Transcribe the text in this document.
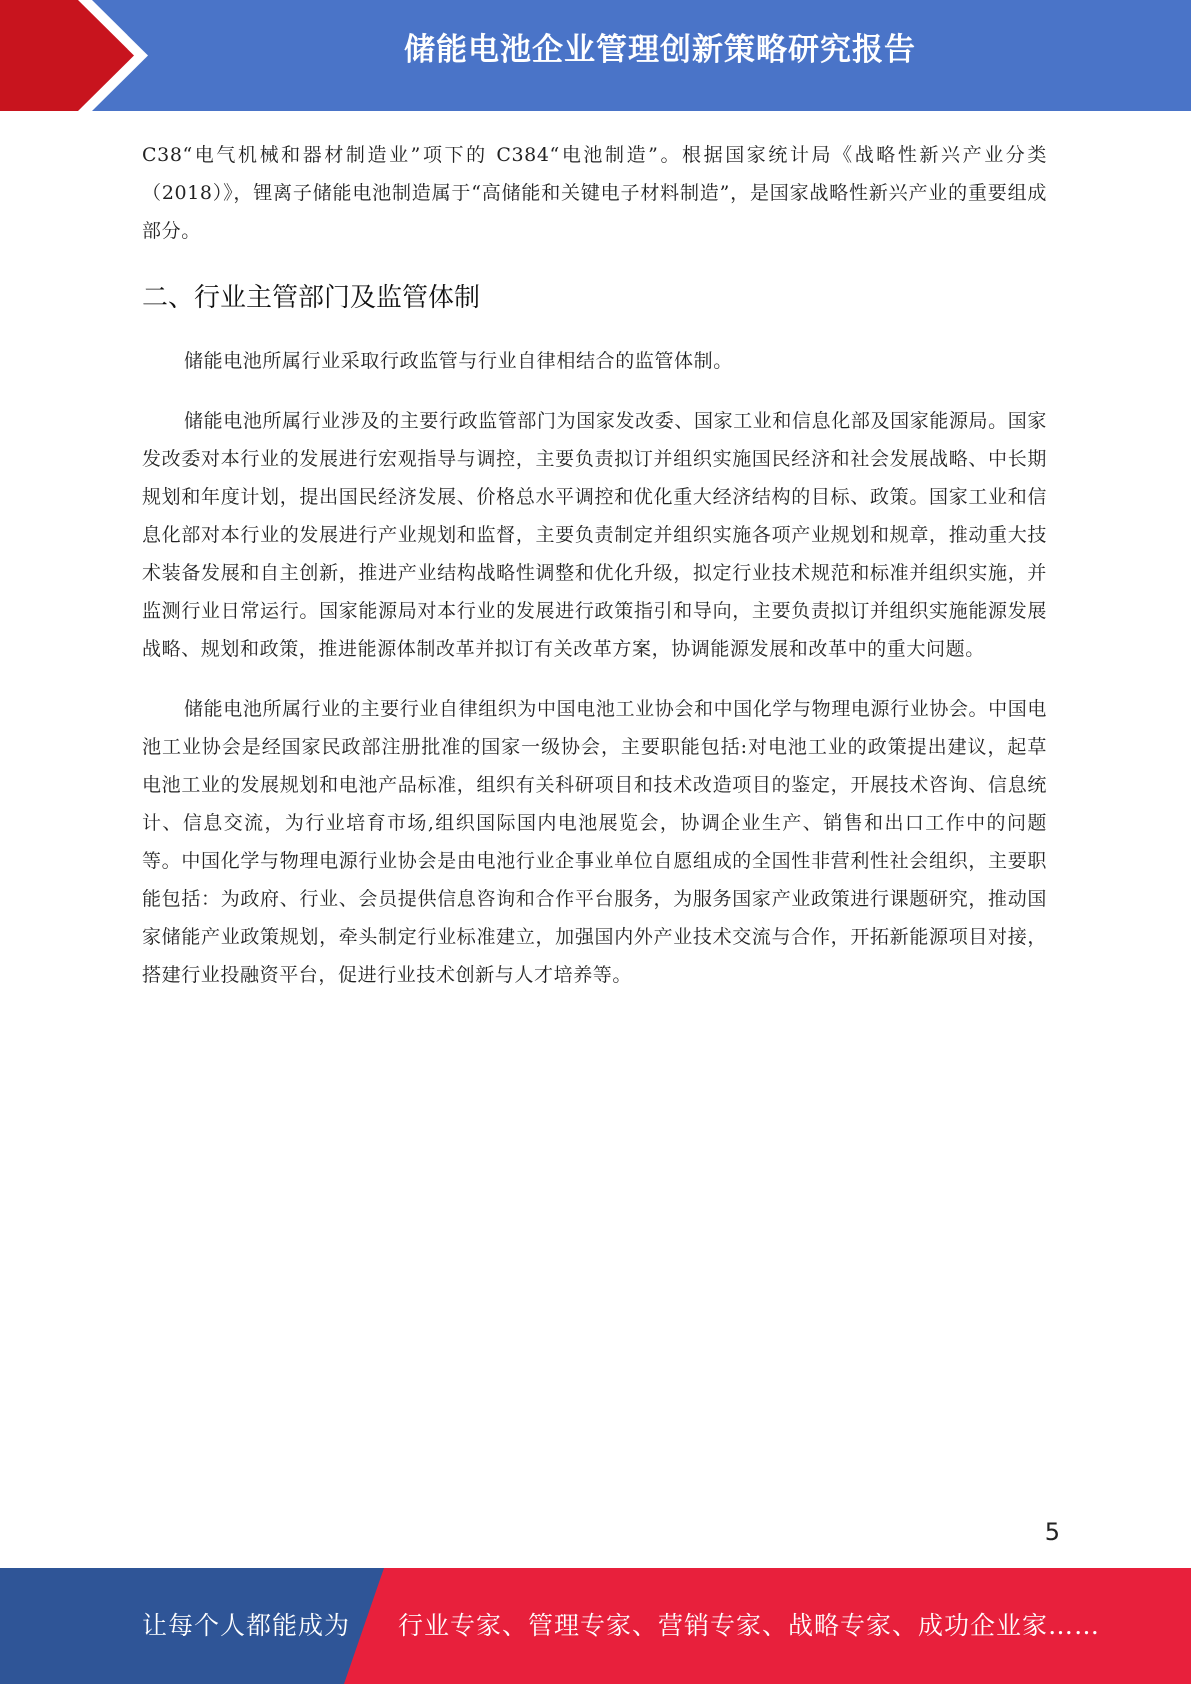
储能电池企业管理创新策略研究报告

C38“电气机械和器材制造业”项下的 C384“电池制造”。根据国家统计局《战略性新兴产业分类（2018）》，锂离子储能电池制造属于“高储能和关键电子材料制造”，是国家战略性新兴产业的重要组成部分。

二、行业主管部门及监管体制

储能电池所属行业采取行政监管与行业自律相结合的监管体制。

储能电池所属行业涉及的主要行政监管部门为国家发改委、国家工业和信息化部及国家能源局。国家发改委对本行业的发展进行宏观指导与调控，主要负责拟订并组织实施国民经济和社会发展战略、中长期规划和年度计划，提出国民经济发展、价格总水平调控和优化重大经济结构的目标、政策。国家工业和信息化部对本行业的发展进行产业规划和监督，主要负责制定并组织实施各项产业规划和规章，推动重大技术装备发展和自主创新，推进产业结构战略性调整和优化升级，拟定行业技术规范和标准并组织实施，并监测行业日常运行。国家能源局对本行业的发展进行政策指引和导向，主要负责拟订并组织实施能源发展战略、规划和政策，推进能源体制改革并拟订有关改革方案，协调能源发展和改革中的重大问题。

储能电池所属行业的主要行业自律组织为中国电池工业协会和中国化学与物理电源行业协会。中国电池工业协会是经国家民政部注册批准的国家一级协会，主要职能包括:对电池工业的政策提出建议，起草电池工业的发展规划和电池产品标准，组织有关科研项目和技术改造项目的鉴定，开展技术咨询、信息统计、信息交流，为行业培育市场,组织国际国内电池展览会，协调企业生产、销售和出口工作中的问题等。中国化学与物理电源行业协会是由电池行业企事业单位自愿组成的全国性非营利性社会组织，主要职能包括：为政府、行业、会员提供信息咨询和合作平台服务，为服务国家产业政策进行课题研究，推动国家储能产业政策规划，牵头制定行业标准建立，加强国内外产业技术交流与合作，开拓新能源项目对接，搭建行业投融资平台，促进行业技术创新与人才培养等。

5
让每个人都能成为 行业专家、管理专家、营销专家、战略专家、成功企业家……
